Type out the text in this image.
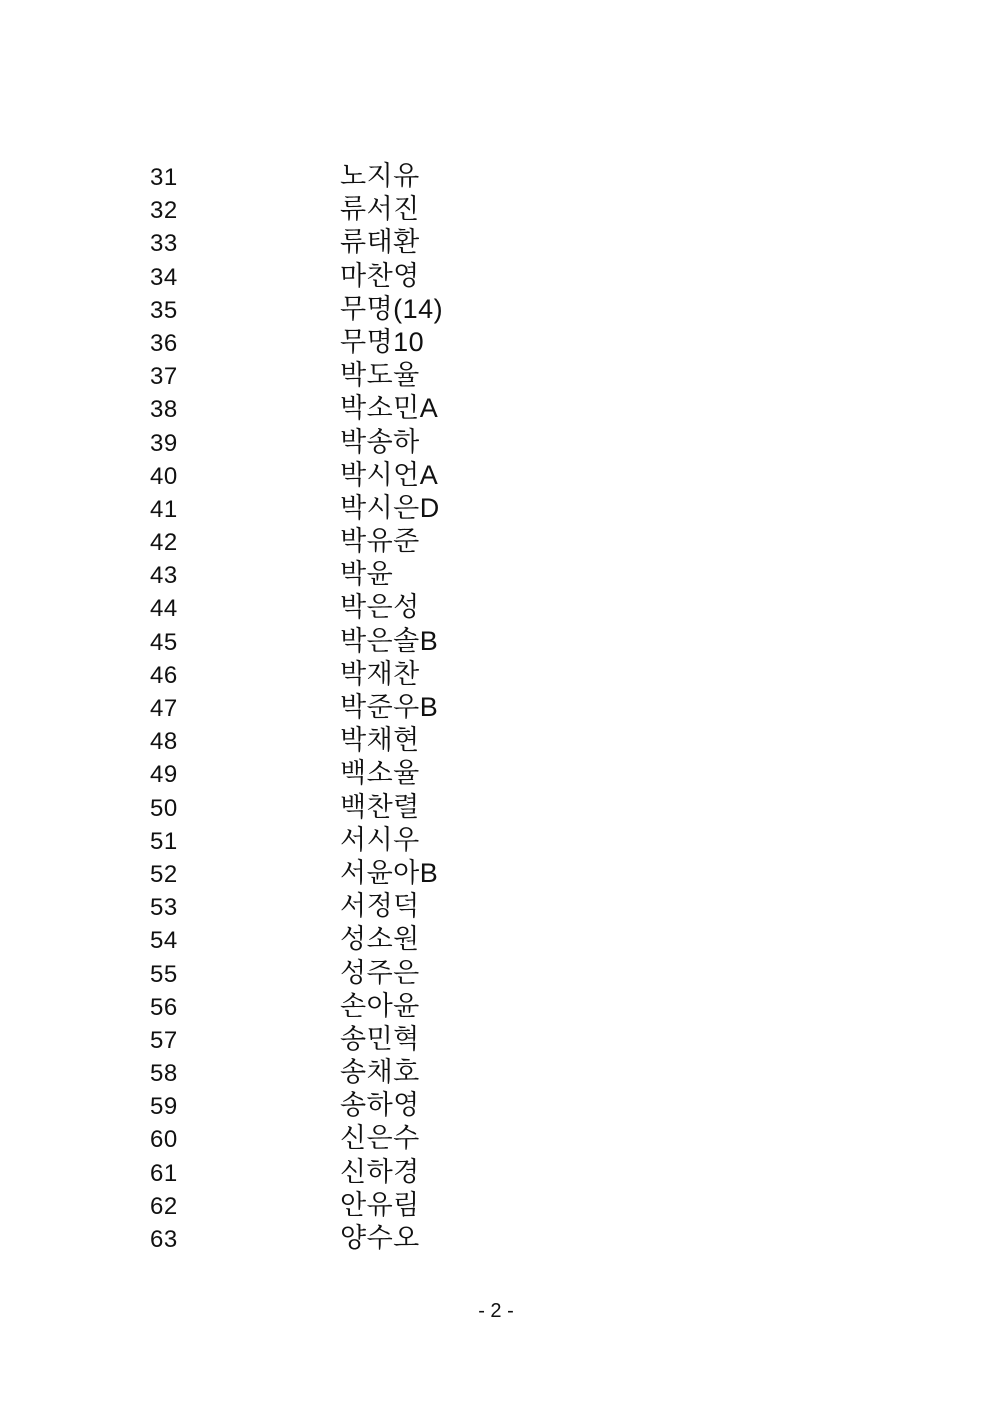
31	노지유
32	류서진
33	류태환
34	마찬영
35	무명(14)
36	무명10
37	박도율
38	박소민A
39	박송하
40	박시언A
41	박시은D
42	박유준
43	박윤
44	박은성
45	박은솔B
46	박재찬
47	박준우B
48	박채현
49	백소율
50	백찬렬
51	서시우
52	서윤아B
53	서정덕
54	성소원
55	성주은
56	손아윤
57	송민혁
58	송채호
59	송하영
60	신은수
61	신하경
62	안유림
63	양수오
- 2 -
